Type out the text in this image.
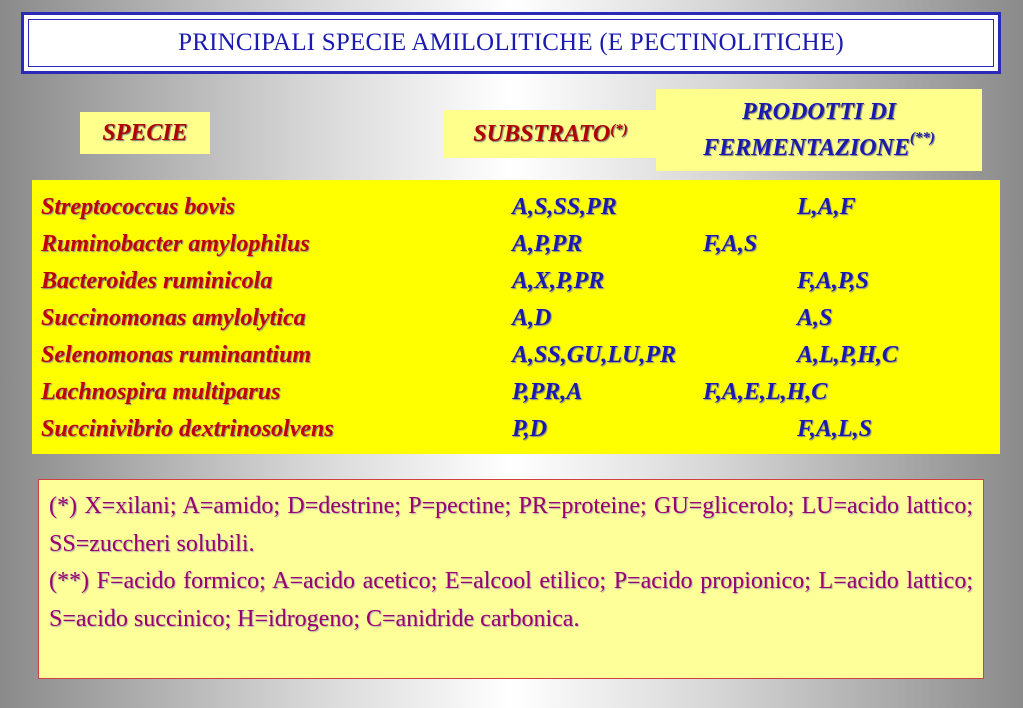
PRINCIPALI SPECIE AMILOLITICHE (E PECTINOLITICHE)
SPECIE	SUBSTRATO(*)
PRODOTTI DI
FERMENTAZIONE(**)
Streptococcus bovis	A,S,SS,PR	L,A,F
Ruminobacter amylophilus	A,P,PR	F,A,S
Bacteroides ruminicola	A,X,P,PR	F,A,P,S
Succinomonas amylolytica	A,D	A,S
Selenomonas ruminantium	A,SS,GU,LU,PR	A,L,P,H,C
Lachnospira multiparus	P,PR,A	F,A,E,L,H,C
Succinivibrio dextrinosolvens	P,D	F,A,L,S

(*) X=xilani; A=amido; D=destrine; P=pectine; PR=proteine; GU=glicerolo; LU=acido lattico; SS=zuccheri solubili.

(**) F=acido formico; A=acido acetico; E=alcool etilico; P=acido propionico; L=acido lattico; S=acido succinico; H=idrogeno; C=anidride carbonica.
